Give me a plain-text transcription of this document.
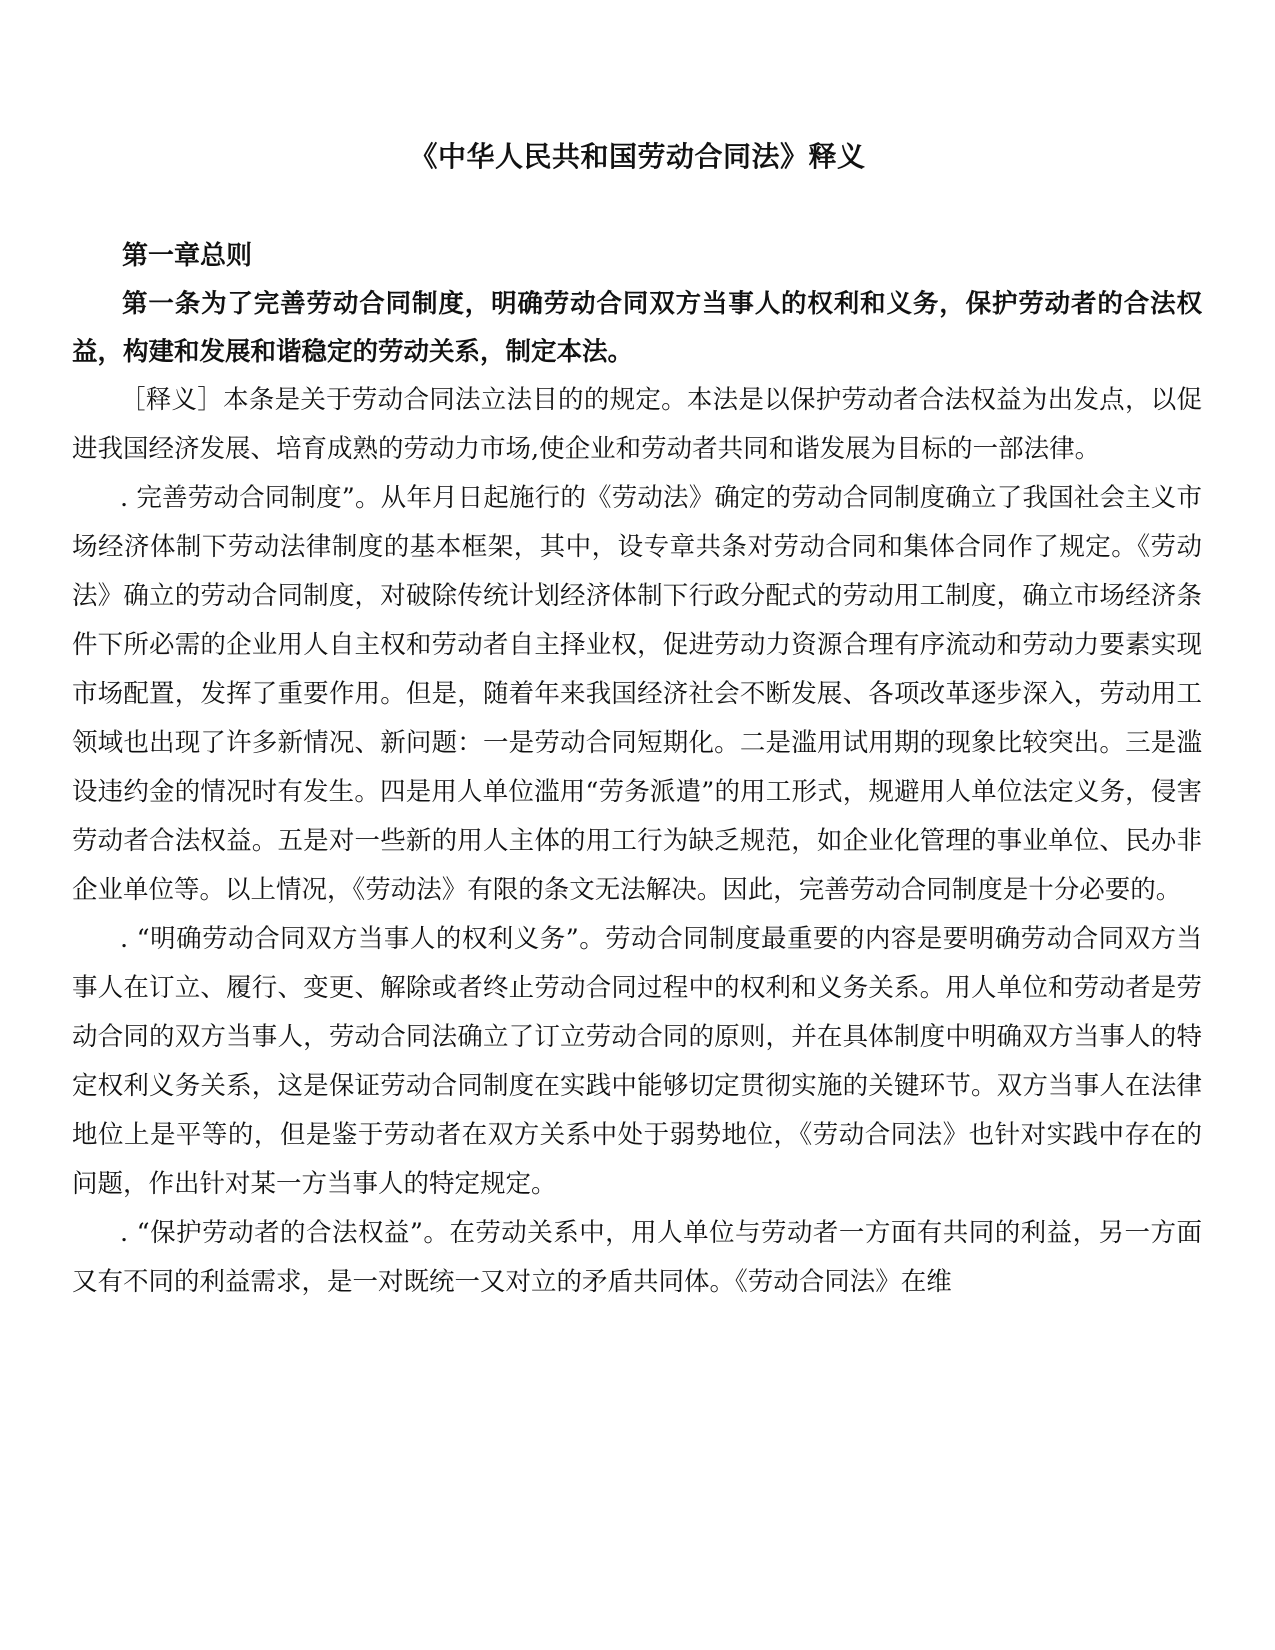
《中华人民共和国劳动合同法》释义

第一章总则

第一条为了完善劳动合同制度，明确劳动合同双方当事人的权利和义务，保护劳动者的合法权益，构建和发展和谐稳定的劳动关系，制定本法。

［释义］本条是关于劳动合同法立法目的的规定。本法是以保护劳动者合法权益为出发点，以促进我国经济发展、培育成熟的劳动力市场,使企业和劳动者共同和谐发展为目标的一部法律。

. 完善劳动合同制度”。从年月日起施行的《劳动法》确定的劳动合同制度确立了我国社会主义市场经济体制下劳动法律制度的基本框架，其中，设专章共条对劳动合同和集体合同作了规定。《劳动法》确立的劳动合同制度，对破除传统计划经济体制下行政分配式的劳动用工制度，确立市场经济条件下所必需的企业用人自主权和劳动者自主择业权，促进劳动力资源合理有序流动和劳动力要素实现市场配置，发挥了重要作用。但是，随着年来我国经济社会不断发展、各项改革逐步深入，劳动用工领域也出现了许多新情况、新问题：一是劳动合同短期化。二是滥用试用期的现象比较突出。三是滥设违约金的情况时有发生。四是用人单位滥用“劳务派遣”的用工形式，规避用人单位法定义务，侵害劳动者合法权益。五是对一些新的用人主体的用工行为缺乏规范，如企业化管理的事业单位、民办非企业单位等。以上情况，《劳动法》有限的条文无法解决。因此，完善劳动合同制度是十分必要的。

. “明确劳动合同双方当事人的权利义务”。劳动合同制度最重要的内容是要明确劳动合同双方当事人在订立、履行、变更、解除或者终止劳动合同过程中的权利和义务关系。用人单位和劳动者是劳动合同的双方当事人，劳动合同法确立了订立劳动合同的原则，并在具体制度中明确双方当事人的特定权利义务关系，这是保证劳动合同制度在实践中能够切定贯彻实施的关键环节。双方当事人在法律地位上是平等的，但是鉴于劳动者在双方关系中处于弱势地位，《劳动合同法》也针对实践中存在的问题，作出针对某一方当事人的特定规定。

. “保护劳动者的合法权益”。在劳动关系中，用人单位与劳动者一方面有共同的利益，另一方面又有不同的利益需求，是一对既统一又对立的矛盾共同体。《劳动合同法》在维
